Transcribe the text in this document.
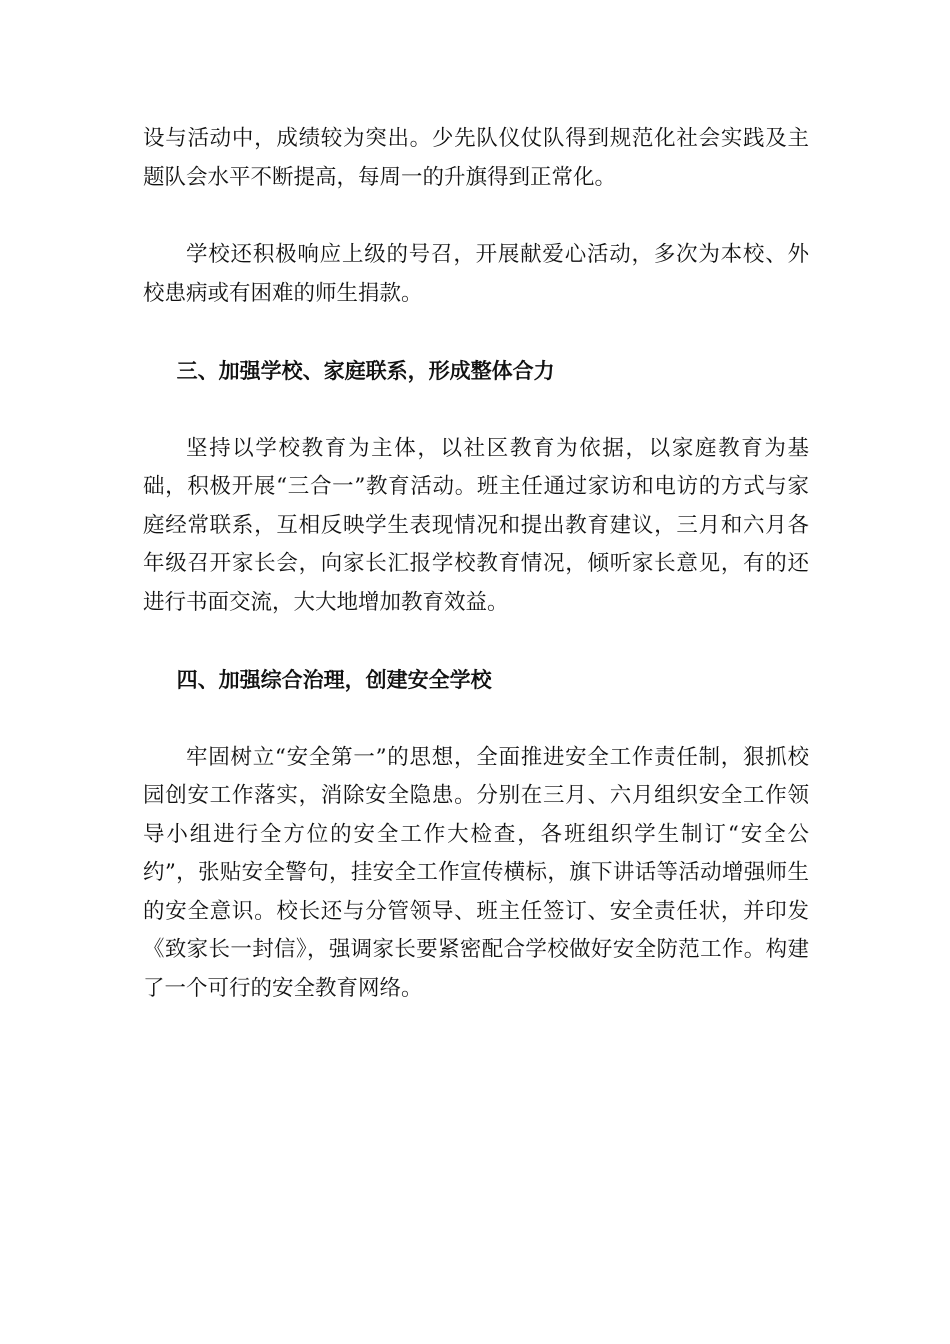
设与活动中，成绩较为突出。少先队仪仗队得到规范化社会实践及主题队会水平不断提高，每周一的升旗得到正常化。

学校还积极响应上级的号召，开展献爱心活动，多次为本校、外校患病或有困难的师生捐款。

三、加强学校、家庭联系，形成整体合力

坚持以学校教育为主体，以社区教育为依据，以家庭教育为基础，积极开展“三合一”教育活动。班主任通过家访和电访的方式与家庭经常联系，互相反映学生表现情况和提出教育建议，三月和六月各年级召开家长会，向家长汇报学校教育情况，倾听家长意见，有的还进行书面交流，大大地增加教育效益。

四、加强综合治理，创建安全学校

牢固树立“安全第一”的思想，全面推进安全工作责任制，狠抓校园创安工作落实，消除安全隐患。分别在三月、六月组织安全工作领导小组进行全方位的安全工作大检查，各班组织学生制订“安全公约”，张贴安全警句，挂安全工作宣传横标，旗下讲话等活动增强师生的安全意识。校长还与分管领导、班主任签订、安全责任状，并印发《致家长一封信》，强调家长要紧密配合学校做好安全防范工作。构建了一个可行的安全教育网络。
